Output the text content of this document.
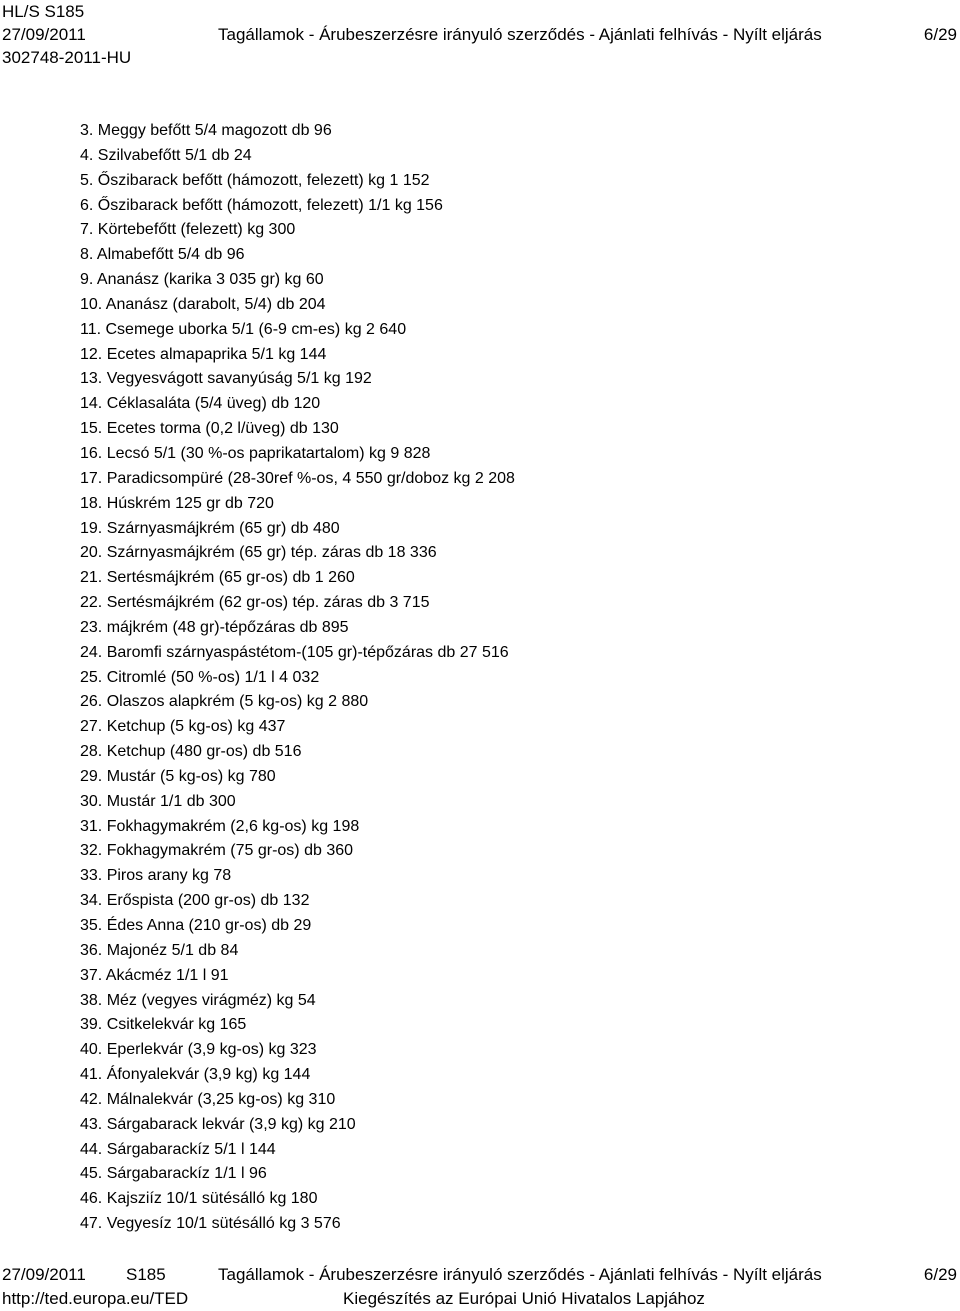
HL/S S185
27/09/2011
302748-2011-HU
Tagállamok - Árubeszerzésre irányuló szerződés - Ajánlati felhívás - Nyílt eljárás	6/29
3. Meggy befőtt 5/4 magozott db 96
4. Szilvabefőtt 5/1 db 24
5. Őszibarack befőtt (hámozott, felezett) kg 1 152
6. Őszibarack befőtt (hámozott, felezett) 1/1 kg 156
7. Körtebefőtt (felezett) kg 300
8. Almabefőtt 5/4 db 96
9. Ananász (karika 3 035 gr) kg 60
10. Ananász (darabolt, 5/4) db 204
11. Csemege uborka 5/1 (6-9 cm-es) kg 2 640
12. Ecetes almapaprika 5/1 kg 144
13. Vegyesvágott savanyúság 5/1 kg 192
14. Céklasaláta (5/4 üveg) db 120
15. Ecetes torma (0,2 l/üveg) db 130
16. Lecsó 5/1 (30 %-os paprikatartalom) kg 9 828
17. Paradicsompüré (28-30ref %-os, 4 550 gr/doboz kg 2 208
18. Húskrém 125 gr db 720
19. Szárnyasmájkrém (65 gr) db 480
20. Szárnyasmájkrém (65 gr) tép. záras db 18 336
21. Sertésmájkrém (65 gr-os) db 1 260
22. Sertésmájkrém (62 gr-os) tép. záras db 3 715
23. májkrém (48 gr)-tépőzáras db 895
24. Baromfi szárnyaspástétom-(105 gr)-tépőzáras db 27 516
25. Citromlé (50 %-os) 1/1 l 4 032
26. Olaszos alapkrém (5 kg-os) kg 2 880
27. Ketchup (5 kg-os) kg 437
28. Ketchup (480 gr-os) db 516
29. Mustár (5 kg-os) kg 780
30. Mustár 1/1 db 300
31. Fokhagymakrém (2,6 kg-os) kg 198
32. Fokhagymakrém (75 gr-os) db 360
33. Piros arany kg 78
34. Erőspista (200 gr-os) db 132
35. Édes Anna (210 gr-os) db 29
36. Majonéz 5/1 db 84
37. Akácméz 1/1 l 91
38. Méz (vegyes virágméz) kg 54
39. Csitkelekvár kg 165
40. Eperlekvár (3,9 kg-os) kg 323
41. Áfonyalekvár (3,9 kg) kg 144
42. Málnalekvár (3,25 kg-os) kg 310
43. Sárgabarack lekvár (3,9 kg) kg 210
44. Sárgabarackíz 5/1 l 144
45. Sárgabarackíz 1/1 l 96
46. Kajsziíz 10/1 sütésálló kg 180
47. Vegyesíz 10/1 sütésálló kg 3 576
27/09/2011 S185
http://ted.europa.eu/TED
Tagállamok - Árubeszerzésre irányuló szerződés - Ajánlati felhívás - Nyílt eljárás
Kiegészítés az Európai Unió Hivatalos Lapjához
6/29
